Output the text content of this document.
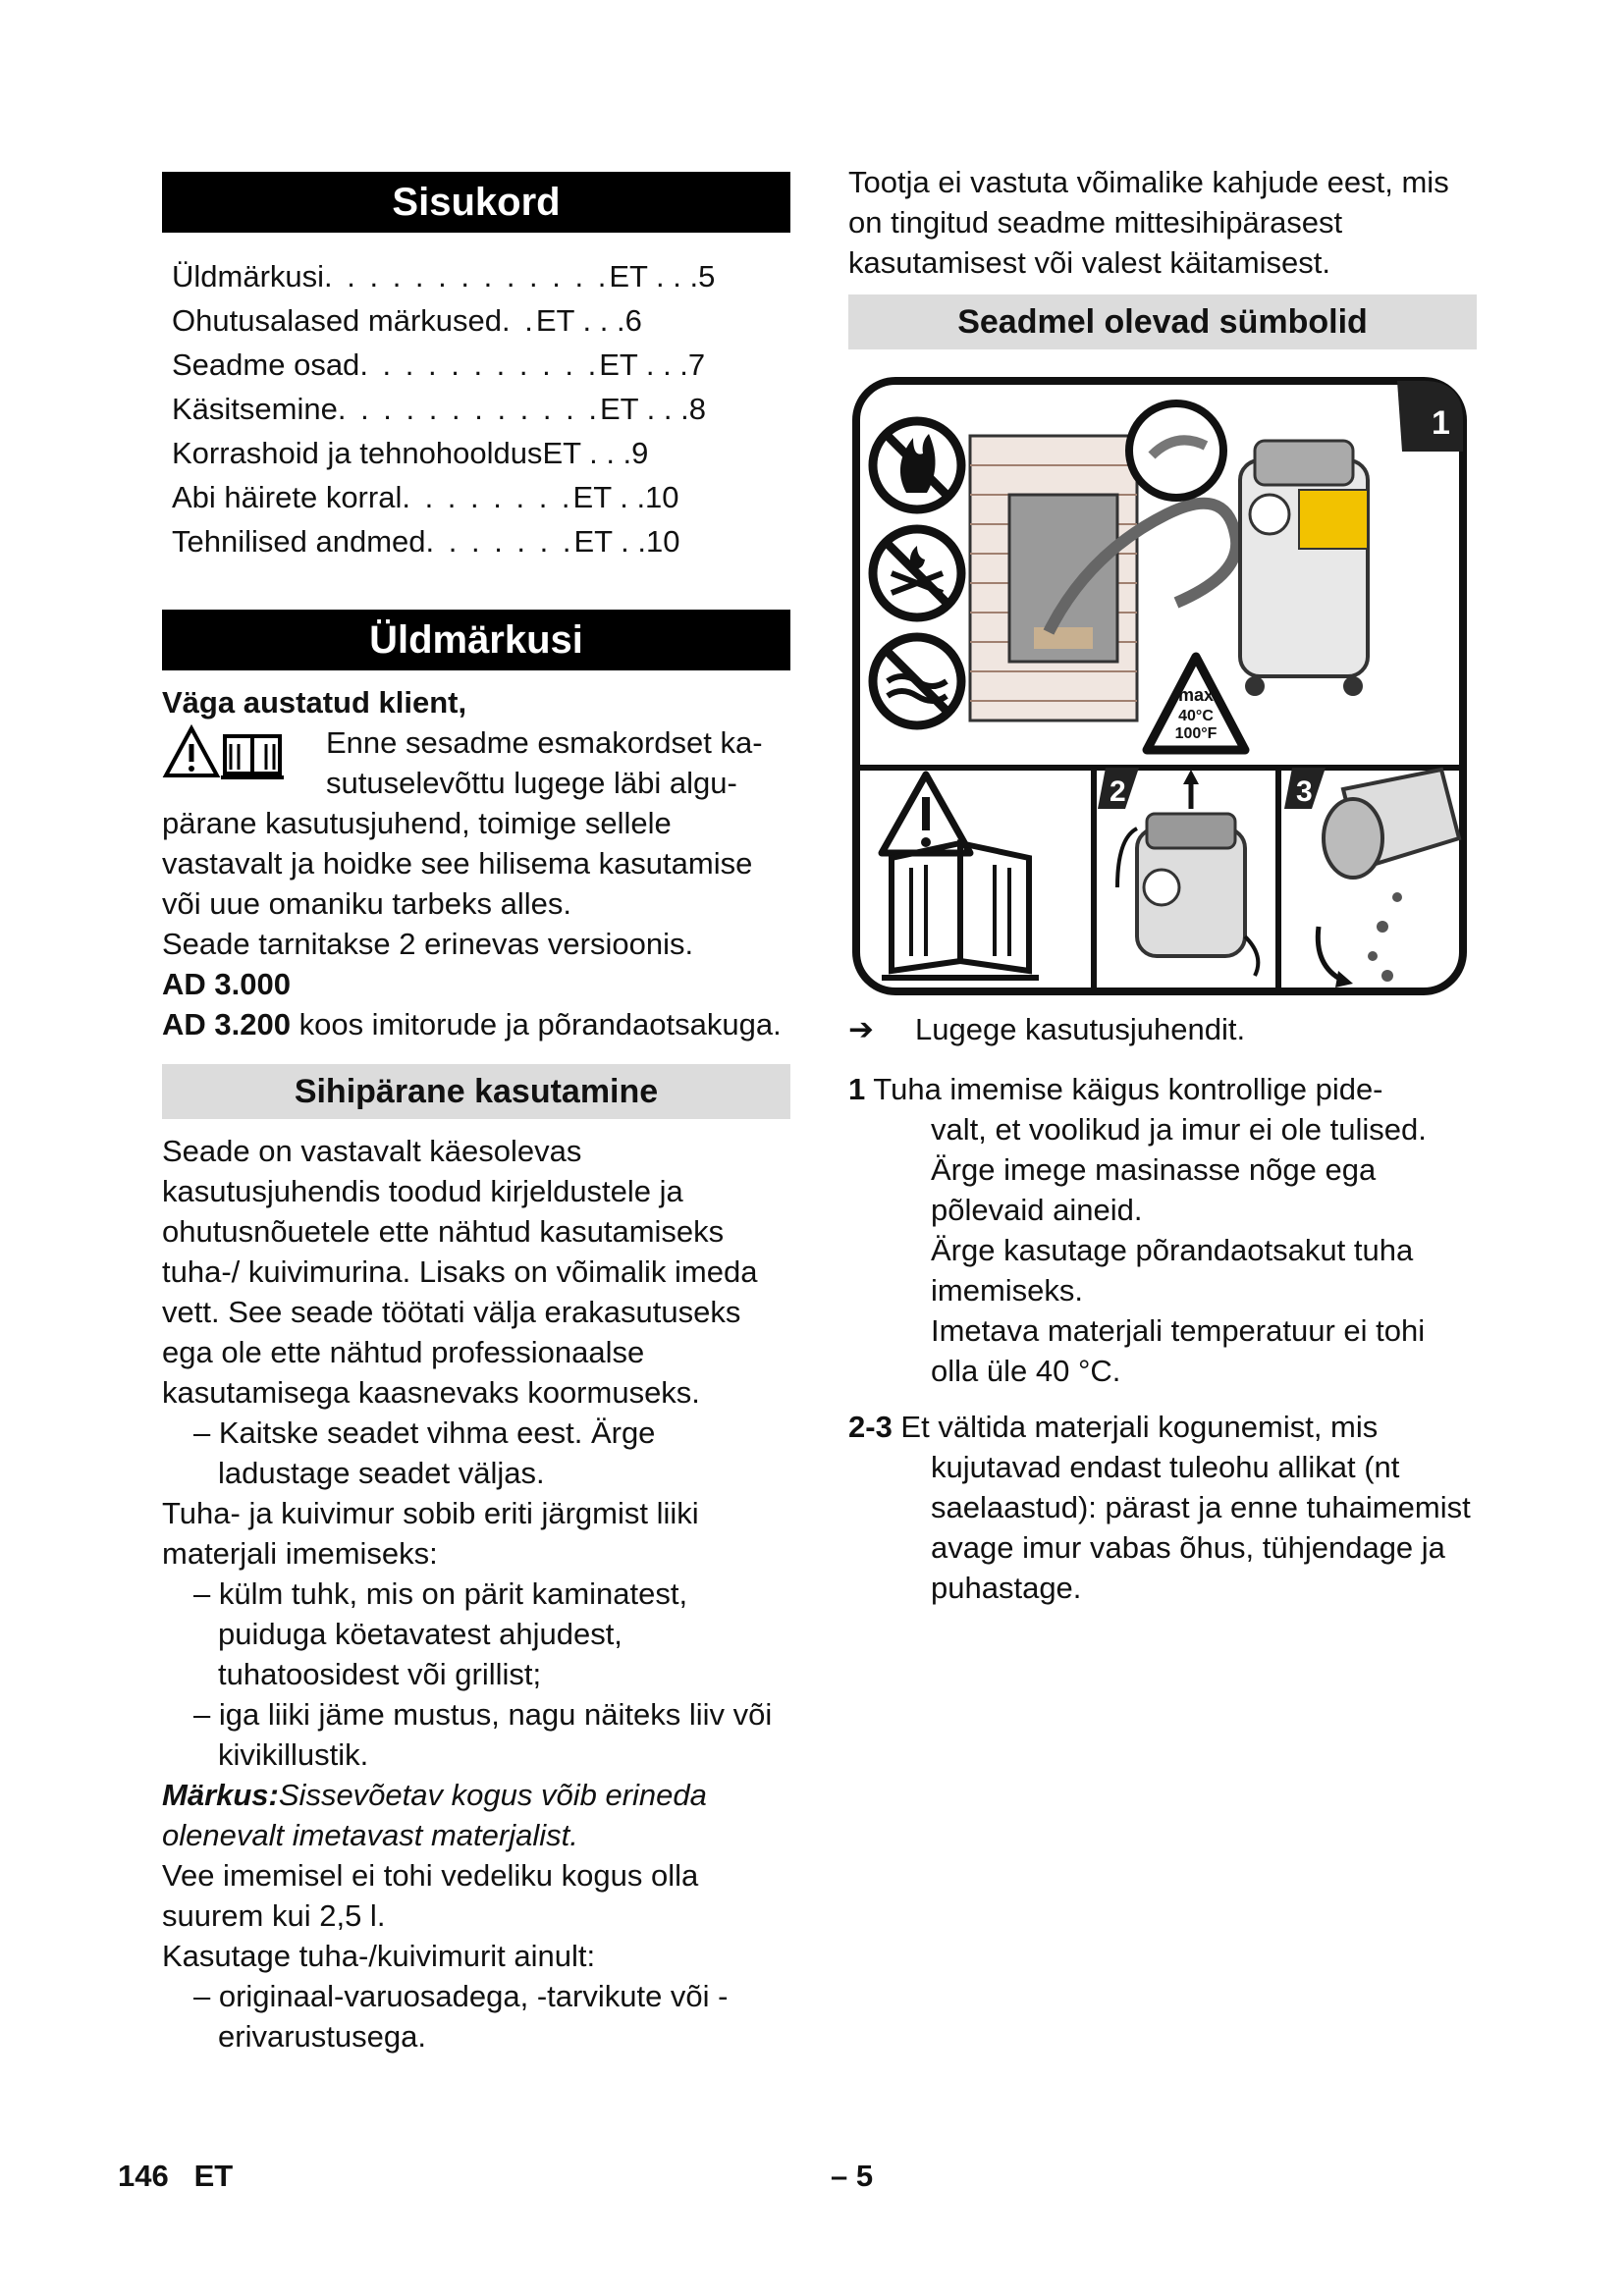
Sisukord
Üldmärkusi . . . . . . . . . . . . . ET . . .5
Ohutusalased märkused . . ET . . .6
Seadme osad . . . . . . . . . . . ET . . .7
Käsitsemine . . . . . . . . . . . . ET . . .8
Korrashoid ja tehnohooldus ET . . .9
Abi häirete korral . . . . . . . . ET . .10
Tehnilised andmed . . . . . . . ET . .10
Üldmärkusi
Väga austatud klient,
Enne sesadme esmakordset ka-
sutuselevõttu lugege läbi algu-
pärane kasutusjuhend, toimige sellele vastavalt ja hoidke see hilisema kasutamise või uue omaniku tarbeks alles.
Seade tarnitakse 2 erinevas versioonis.
AD 3.000
AD 3.200 koos imitorude ja põrandaotsakuga.
Sihipärane kasutamine
Seade on vastavalt käesolevas kasutusjuhendis toodud kirjeldustele ja ohutusnõuetele ette nähtud kasutamiseks tuha-/ kuivimurina. Lisaks on võimalik imeda vett. See seade töötati välja erakasutuseks ega ole ette nähtud professionaalse kasutamisega kaasnevaks koormuseks.
– Kaitske seadet vihma eest. Ärge ladustage seadet väljas.
Tuha- ja kuivimur sobib eriti järgmist liiki materjali imemiseks:
– külm tuhk, mis on pärit kaminatest, puiduga köetavatest ahjudest, tuhatoosidest või grillist;
– iga liiki jäme mustus, nagu näiteks liiv või kivikillustik.
Märkus:Sissevõetav kogus võib erineda olenevalt imetavast materjalist.
Vee imemisel ei tohi vedeliku kogus olla suurem kui 2,5 l.
Kasutage tuha-/kuivimurit ainult:
– originaal-varuosadega, -tarvikute või -erivarustusega.
Tootja ei vastuta võimalike kahjude eest, mis on tingitud seadme mittesihipärasest kasutamisest või valest käitamisest.
Seadmel olevad sümbolid
1
max
40°C
100°F
2	3
➔	Lugege kasutusjuhendit.
1 Tuha imemise käigus kontrollige pide-
valt, et voolikud ja imur ei ole tulised.
Ärge imege masinasse nõge ega põlevaid aineid.
Ärge kasutage põrandaotsakut tuha imemiseks.
Imetava materjali temperatuur ei tohi olla üle 40 °C.
2-3 Et vältida materjali kogunemist, mis
kujutavad endast tuleohu allikat (nt saelaastud): pärast ja enne tuhaimemist avage imur vabas õhus, tühjendage ja puhastage.
146 ET	– 5
